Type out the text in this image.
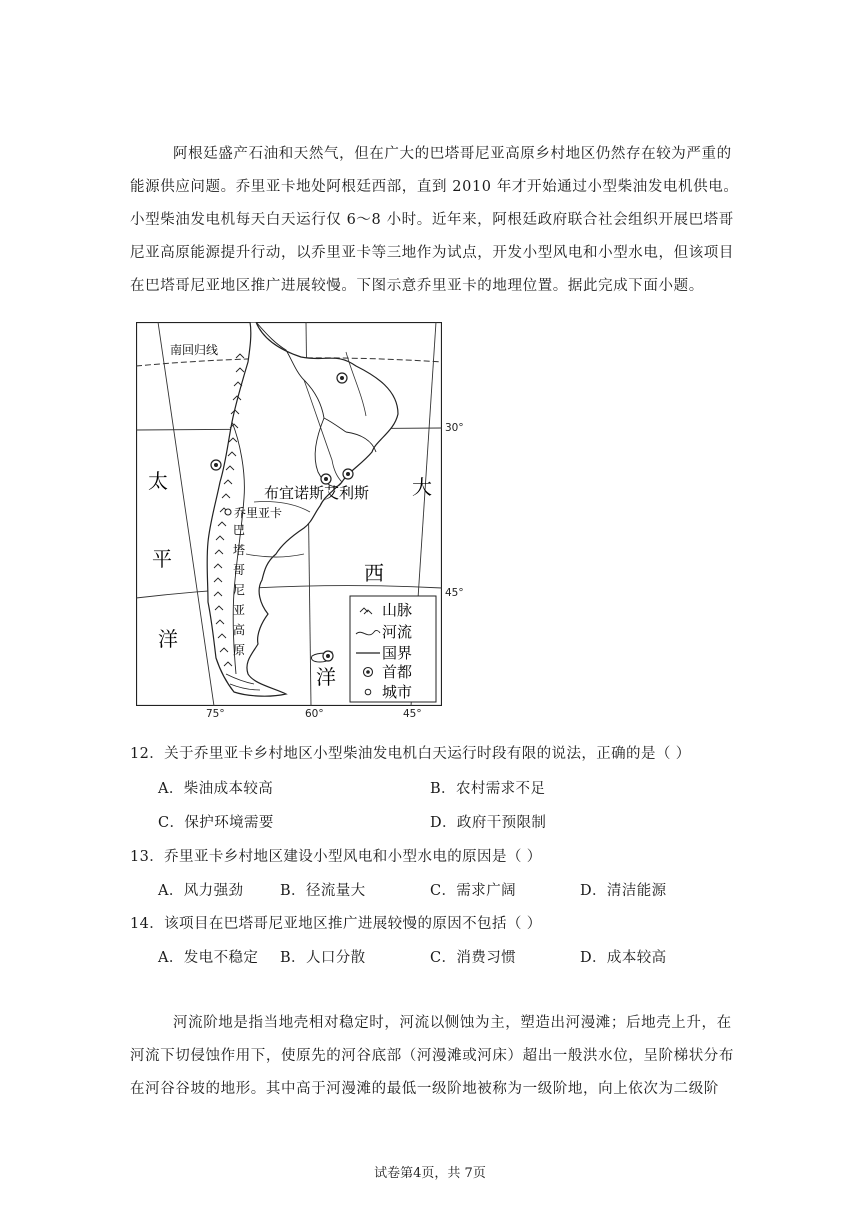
阿根廷盛产石油和天然气，但在广大的巴塔哥尼亚高原乡村地区仍然存在较为严重的
能源供应问题。乔里亚卡地处阿根廷西部，直到 2010 年才开始通过小型柴油发电机供电。
小型柴油发电机每天白天运行仅 6～8 小时。近年来，阿根廷政府联合社会组织开展巴塔哥
尼亚高原能源提升行动，以乔里亚卡等三地作为试点，开发小型风电和小型水电，但该项目
在巴塔哥尼亚地区推广进展较慢。下图示意乔里亚卡的地理位置。据此完成下面小题。
南回归线
布宜诺斯艾利斯
乔里亚卡
巴
塔
哥
尼
亚
高
原
太
平
洋
大
西
洋
山脉
河流
国界
首都
城市
30°
45°
75°	60°	45°
12．关于乔里亚卡乡村地区小型柴油发电机白天运行时段有限的说法，正确的是（ ）
A．柴油成本较高	B．农村需求不足
C．保护环境需要	D．政府干预限制
13．乔里亚卡乡村地区建设小型风电和小型水电的原因是（ ）
A．风力强劲	B．径流量大	C．需求广阔	D．清洁能源
14．该项目在巴塔哥尼亚地区推广进展较慢的原因不包括（ ）
A．发电不稳定 B．人口分散	C．消费习惯	D．成本较高
河流阶地是指当地壳相对稳定时，河流以侧蚀为主，塑造出河漫滩；后地壳上升，在
河流下切侵蚀作用下，使原先的河谷底部（河漫滩或河床）超出一般洪水位，呈阶梯状分布
在河谷谷坡的地形。其中高于河漫滩的最低一级阶地被称为一级阶地，向上依次为二级阶
试卷第4页，共 7页
